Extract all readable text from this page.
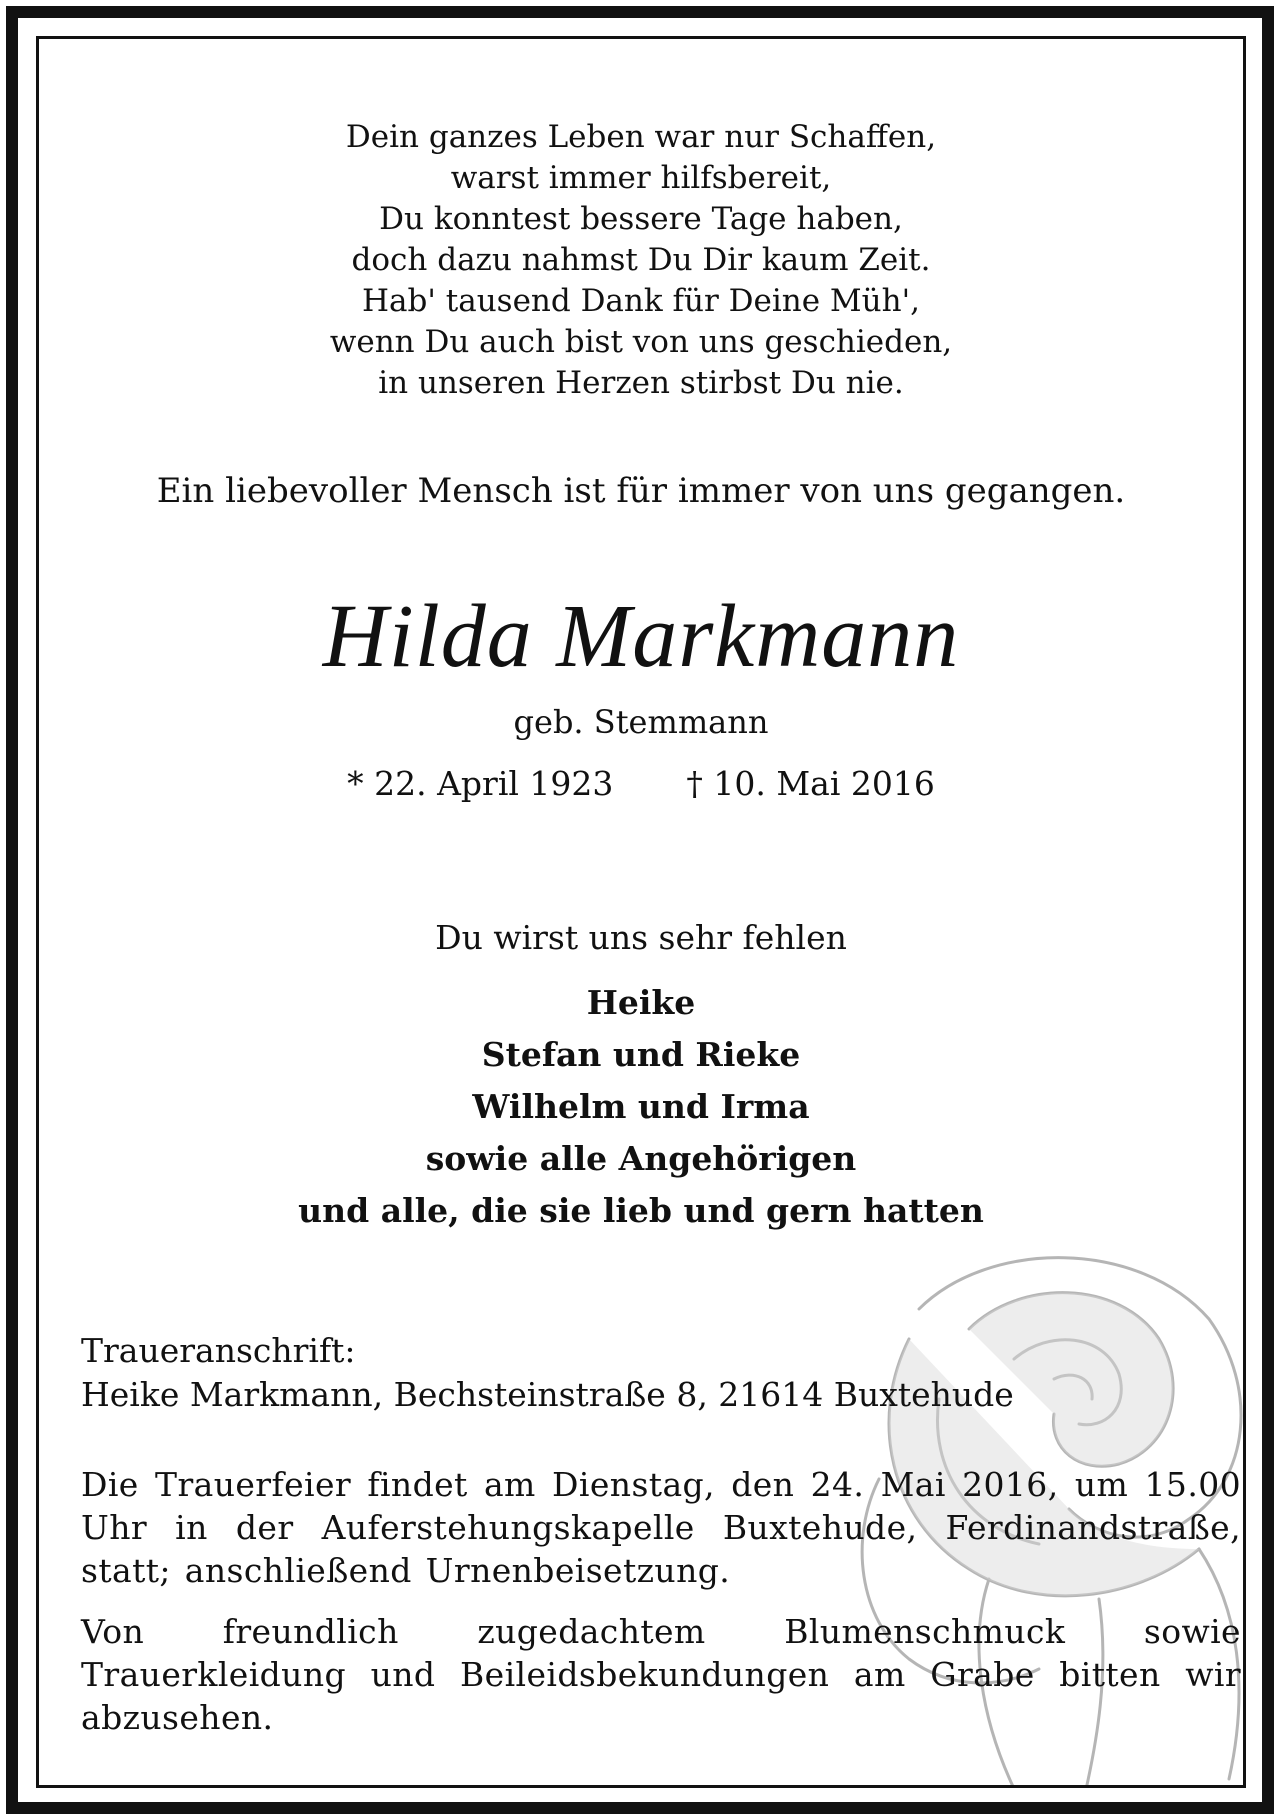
Dein ganzes Leben war nur Schaffen,
warst immer hilfsbereit,
Du konntest bessere Tage haben,
doch dazu nahmst Du Dir kaum Zeit.
Hab' tausend Dank für Deine Müh',
wenn Du auch bist von uns geschieden,
in unseren Herzen stirbst Du nie.
Ein liebevoller Mensch ist für immer von uns gegangen.
Hilda Markmann
geb. Stemmann
* 22. April 1923 † 10. Mai 2016
Du wirst uns sehr fehlen
Heike
Stefan und Rieke
Wilhelm und Irma
sowie alle Angehörigen
und alle, die sie lieb und gern hatten
Traueranschrift:
Heike Markmann, Bechsteinstraße 8, 21614 Buxtehude
Die Trauerfeier findet am Dienstag, den 24. Mai 2016, um 15.00 Uhr in der Auferstehungskapelle Buxtehude, Ferdinandstraße, statt; anschließend Urnenbeisetzung.
Von freundlich zugedachtem Blumenschmuck sowie Trauerkleidung und Beileidsbekundungen am Grabe bitten wir abzusehen.
